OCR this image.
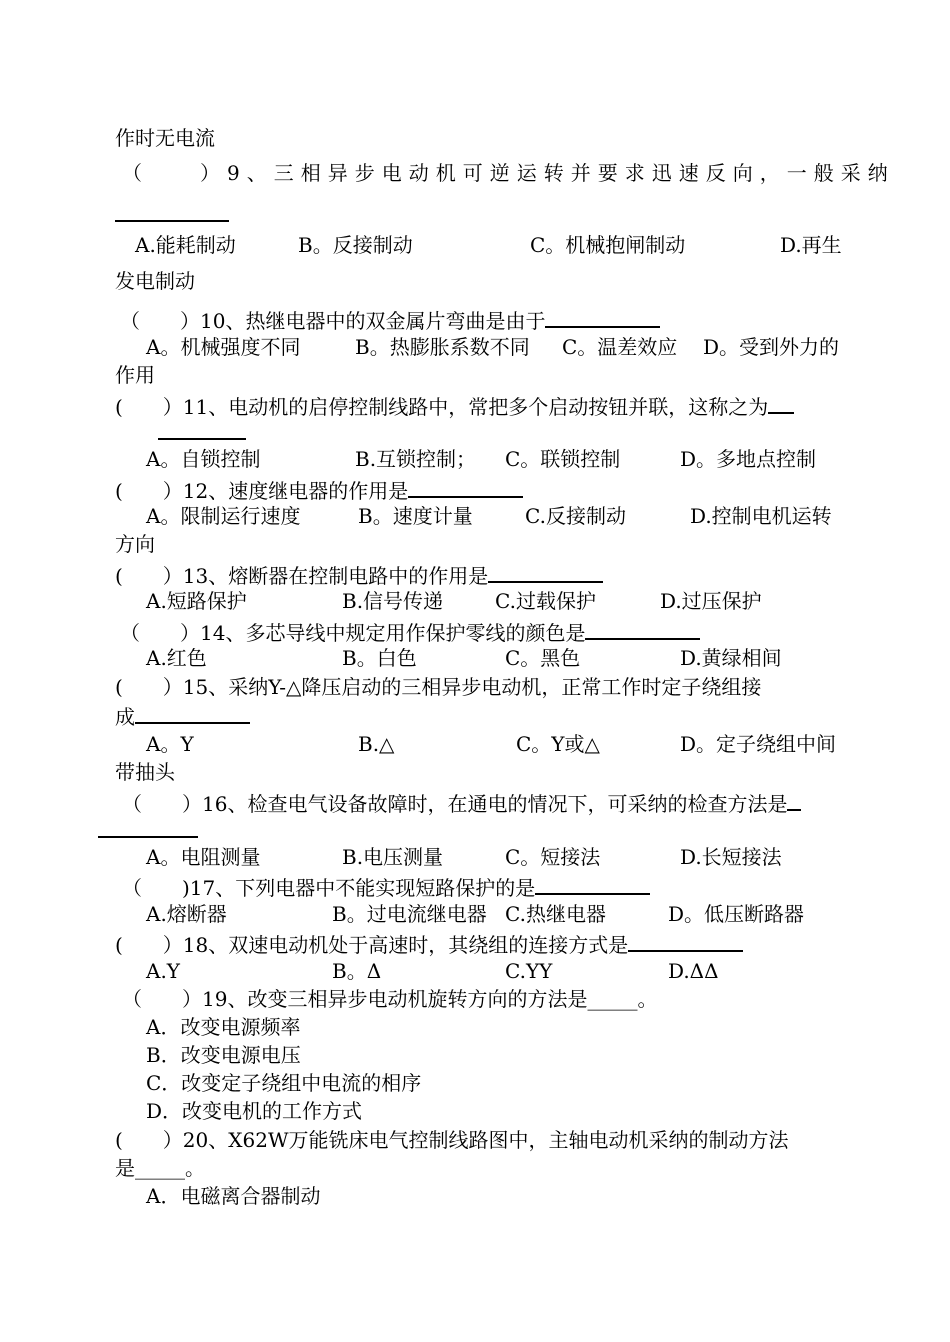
作时无电流
（	）9、三相异步电动机可逆运转并要求迅速反向，一般采纳
A.能耗制动	B。反接制动	C。机械抱闸制动	D.再生
发电制动
（　　）10、热继电器中的双金属片弯曲是由于
A。机械强度不同	B。热膨胀系数不同 C。温差效应 D。受到外力的
作用
(　　）11、电动机的启停控制线路中，常把多个启动按钮并联，这称之为
A。自锁控制	B.互锁控制； C。联锁控制	D。多地点控制
(　　）12、速度继电器的作用是
A。限制运行速度	B。速度计量	C.反接制动	D.控制电机运转
方向
(　　）13、熔断器在控制电路中的作用是
A.短路保护	B.信号传递	C.过载保护	D.过压保护
（　　）14、多芯导线中规定用作保护零线的颜色是
A.红色	B。白色	C。黑色	D.黄绿相间
(　　）15、采纳Y-△降压启动的三相异步电动机，正常工作时定子绕组接
成
A。Y	B.△	C。Y或△	D。定子绕组中间
带抽头
（　　）16、检查电气设备故障时，在通电的情况下，可采纳的检查方法是
A。电阻测量	B.电压测量	C。短接法	D.长短接法
（　　)17、下列电器中不能实现短路保护的是
A.熔断器	B。过电流继电器 C.热继电器	D。低压断路器
(　　）18、双速电动机处于高速时，其绕组的连接方式是
A.Y	B。Δ	C.YY	D.ΔΔ
（　　）19、改变三相异步电动机旋转方向的方法是_____。
A．改变电源频率
B．改变电源电压
C．改变定子绕组中电流的相序
D．改变电机的工作方式
(　　）20、X62W万能铣床电气控制线路图中，主轴电动机采纳的制动方法
是_____。
A．电磁离合器制动
